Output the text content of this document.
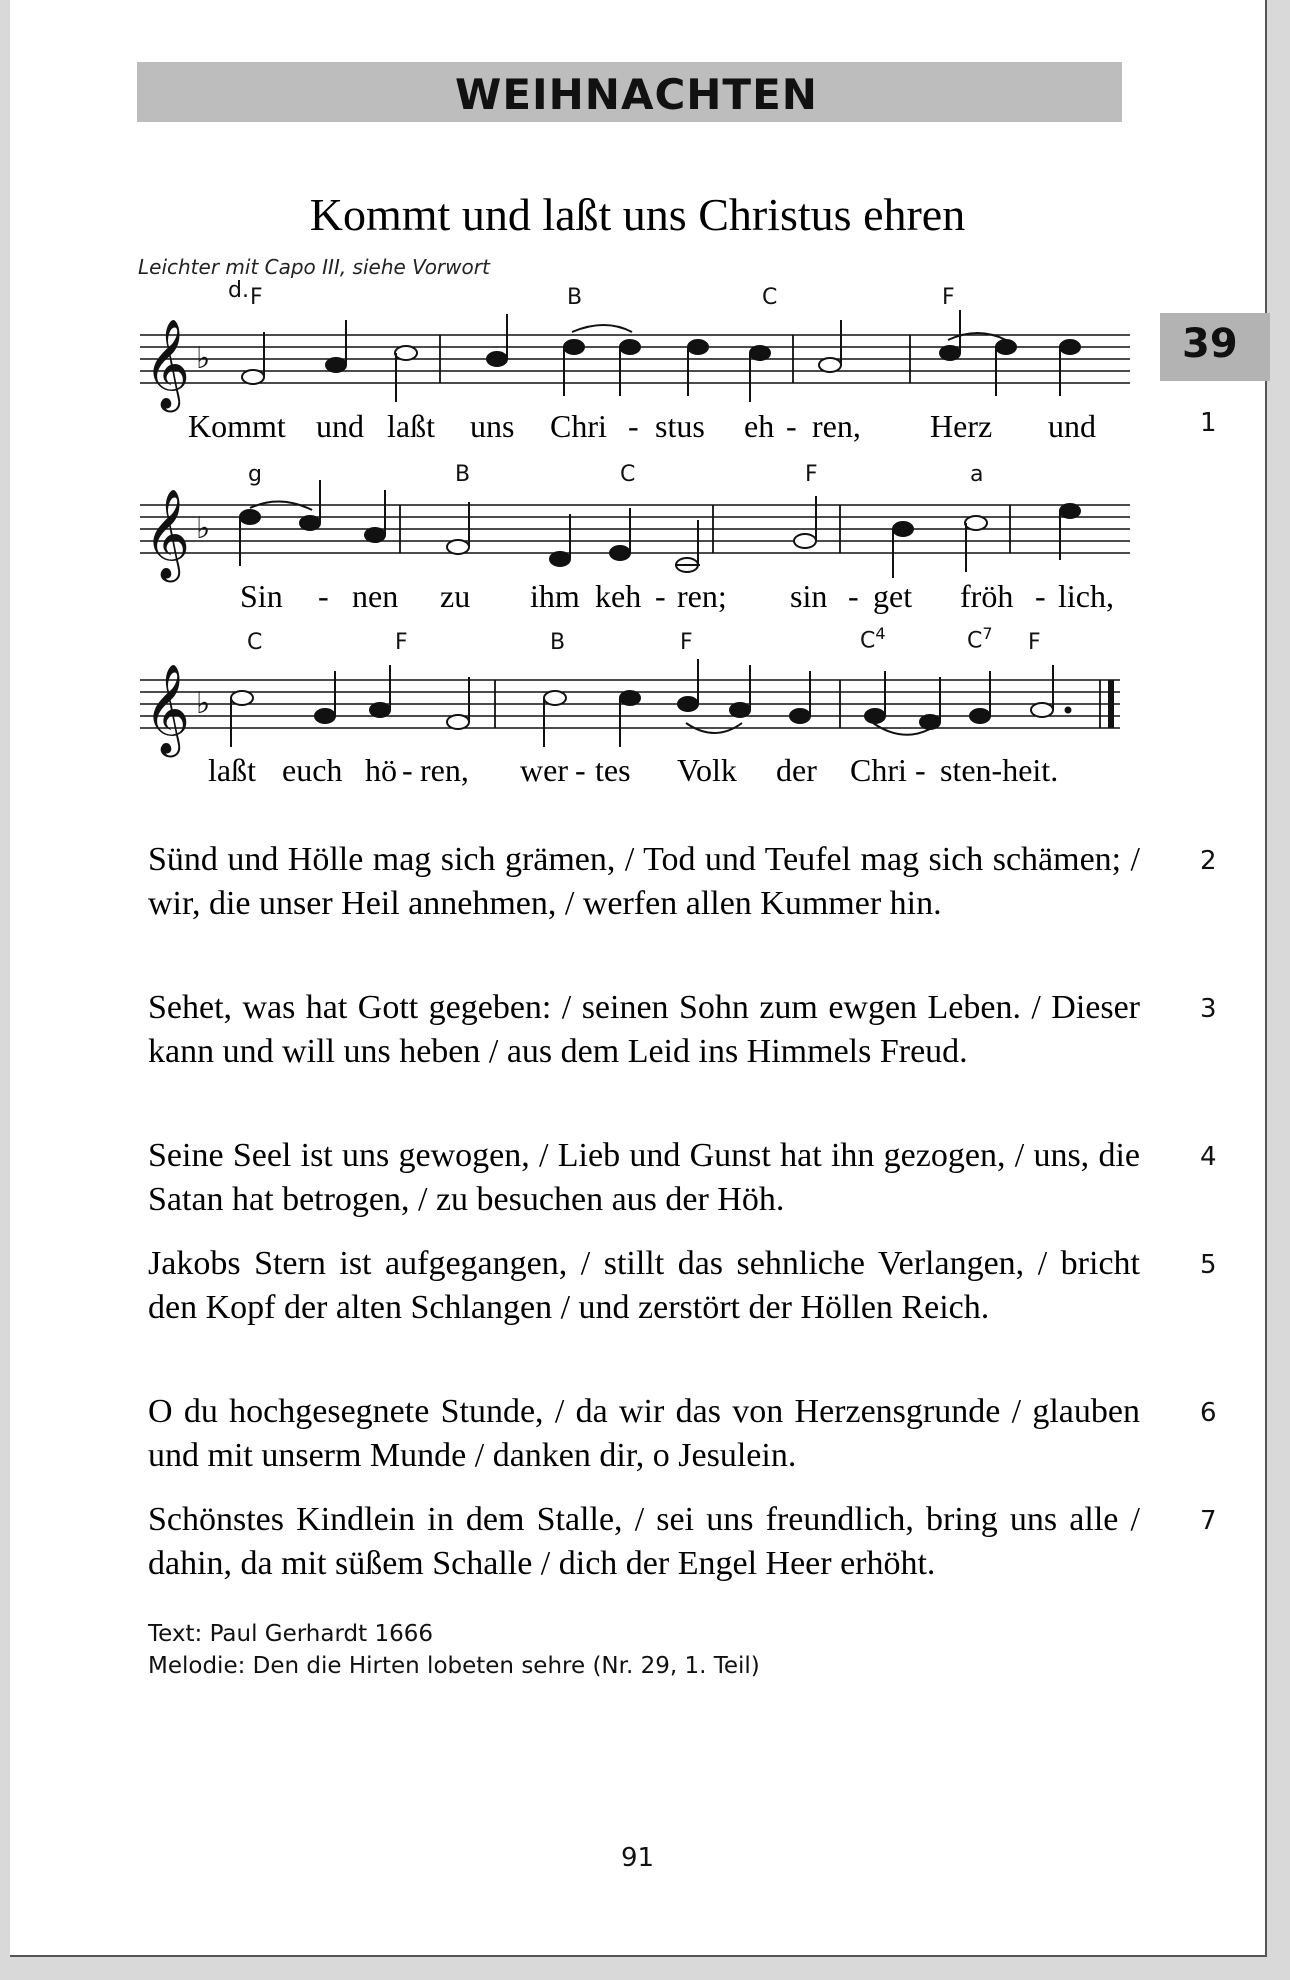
WEIHNACHTEN
Kommt und laßt uns Christus ehren
Leichter mit Capo III, siehe Vorwort
39
d. F	B	C	F
𝄞 ♭
1
Kommt und laßt uns Chri - stus eh - ren, Herz und
g	B	C	F	a
𝄞 ♭
Sin - nen zu ihm keh - ren; sin - get fröh - lich,
C	F	B	F	$C^4$	$C^7$ F
𝄞 ♭
laßt euch hö - ren, wer - tes Volk der Chri - sten-heit.
2
Sünd und Hölle mag sich grämen, / Tod und Teufel mag sich schämen; / wir, die unser Heil annehmen, / werfen allen Kummer hin.
3
Sehet, was hat Gott gegeben: / seinen Sohn zum ewgen Leben. / Dieser kann und will uns heben / aus dem Leid ins Himmels Freud.
4
Seine Seel ist uns gewogen, / Lieb und Gunst hat ihn gezogen, / uns, die Satan hat betrogen, / zu besuchen aus der Höh.
5
Jakobs Stern ist aufgegangen, / stillt das sehnliche Verlangen, / bricht den Kopf der alten Schlangen / und zerstört der Höllen Reich.
6
O du hochgesegnete Stunde, / da wir das von Herzensgrunde / glauben und mit unserm Munde / danken dir, o Jesulein.
7
Schönstes Kindlein in dem Stalle, / sei uns freundlich, bring uns alle / dahin, da mit süßem Schalle / dich der Engel Heer erhöht.
Text: Paul Gerhardt 1666
Melodie: Den die Hirten lobeten sehre (Nr. 29, 1. Teil)
91
